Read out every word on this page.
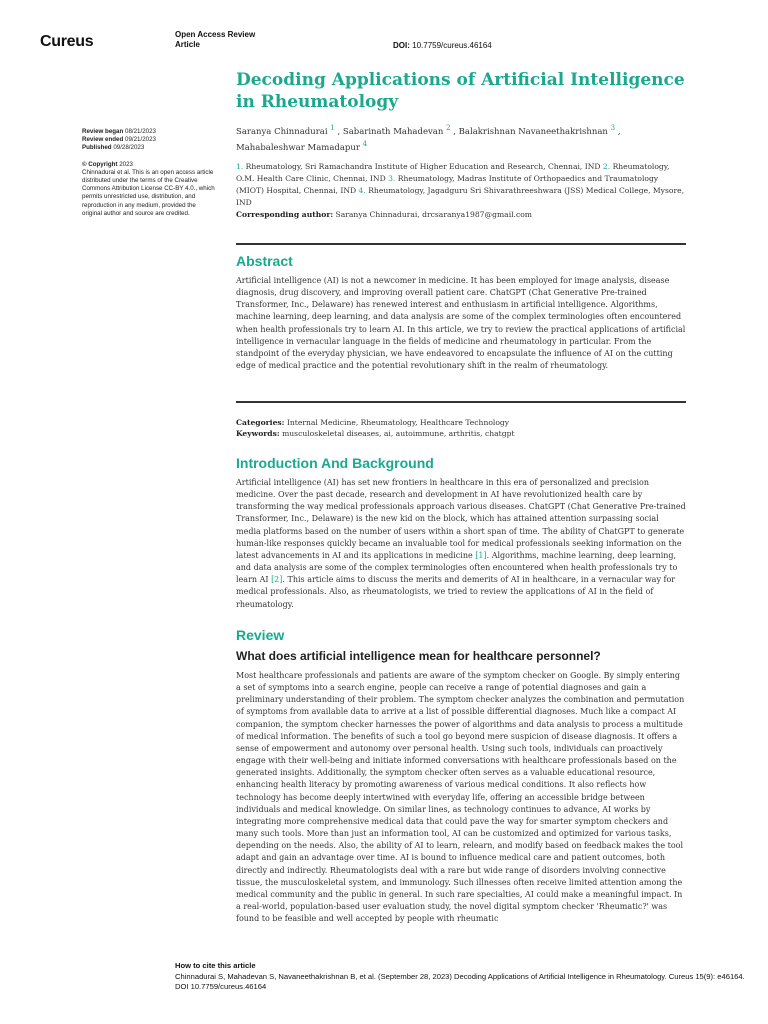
Cureus	Open Access Review
Article	DOI: 10.7759/cureus.46164
Decoding Applications of Artificial Intelligence in Rheumatology
Saranya Chinnadurai $^1$ , Sabarinath Mahadevan $^2$ , Balakrishnan Navaneethakrishnan $^3$ , Mahabaleshwar Mamadapur $^4$
1. Rheumatology, Sri Ramachandra Institute of Higher Education and Research, Chennai, IND 2. Rheumatology, O.M. Health Care Clinic, Chennai, IND 3. Rheumatology, Madras Institute of Orthopaedics and Traumatology (MIOT) Hospital, Chennai, IND 4. Rheumatology, Jagadguru Sri Shivarathreeshwara (JSS) Medical College, Mysore, IND
Corresponding author: Saranya Chinnadurai, drcsaranya1987@gmail.com
Review began 08/21/2023
Review ended 09/21/2023
Published 09/28/2023
© Copyright 2023
Chinnadurai et al. This is an open access article distributed under the terms of the Creative Commons Attribution License CC-BY 4.0., which permits unrestricted use, distribution, and reproduction in any medium, provided the original author and source are credited.
Abstract
Artificial intelligence (AI) is not a newcomer in medicine. It has been employed for image analysis, disease diagnosis, drug discovery, and improving overall patient care. ChatGPT (Chat Generative Pre-trained Transformer, Inc., Delaware) has renewed interest and enthusiasm in artificial intelligence. Algorithms, machine learning, deep learning, and data analysis are some of the complex terminologies often encountered when health professionals try to learn AI. In this article, we try to review the practical applications of artificial intelligence in vernacular language in the fields of medicine and rheumatology in particular. From the standpoint of the everyday physician, we have endeavored to encapsulate the influence of AI on the cutting edge of medical practice and the potential revolutionary shift in the realm of rheumatology.
Categories: Internal Medicine, Rheumatology, Healthcare Technology
Keywords: musculoskeletal diseases, ai, autoimmune, arthritis, chatgpt
Introduction And Background
Artificial intelligence (AI) has set new frontiers in healthcare in this era of personalized and precision medicine. Over the past decade, research and development in AI have revolutionized health care by transforming the way medical professionals approach various diseases. ChatGPT (Chat Generative Pre-trained Transformer, Inc., Delaware) is the new kid on the block, which has attained attention surpassing social media platforms based on the number of users within a short span of time. The ability of ChatGPT to generate human-like responses quickly became an invaluable tool for medical professionals seeking information on the latest advancements in AI and its applications in medicine [1]. Algorithms, machine learning, deep learning, and data analysis are some of the complex terminologies often encountered when health professionals try to learn AI [2]. This article aims to discuss the merits and demerits of AI in healthcare, in a vernacular way for medical professionals. Also, as rheumatologists, we tried to review the applications of AI in the field of rheumatology.
Review
What does artificial intelligence mean for healthcare personnel?
Most healthcare professionals and patients are aware of the symptom checker on Google. By simply entering a set of symptoms into a search engine, people can receive a range of potential diagnoses and gain a preliminary understanding of their problem. The symptom checker analyzes the combination and permutation of symptoms from available data to arrive at a list of possible differential diagnoses. Much like a compact AI companion, the symptom checker harnesses the power of algorithms and data analysis to process a multitude of medical information. The benefits of such a tool go beyond mere suspicion of disease diagnosis. It offers a sense of empowerment and autonomy over personal health. Using such tools, individuals can proactively engage with their well-being and initiate informed conversations with healthcare professionals based on the generated insights. Additionally, the symptom checker often serves as a valuable educational resource, enhancing health literacy by promoting awareness of various medical conditions. It also reflects how technology has become deeply intertwined with everyday life, offering an accessible bridge between individuals and medical knowledge. On similar lines, as technology continues to advance, AI works by integrating more comprehensive medical data that could pave the way for smarter symptom checkers and many such tools. More than just an information tool, AI can be customized and optimized for various tasks, depending on the needs. Also, the ability of AI to learn, relearn, and modify based on feedback makes the tool adapt and gain an advantage over time. AI is bound to influence medical care and patient outcomes, both directly and indirectly. Rheumatologists deal with a rare but wide range of disorders involving connective tissue, the musculoskeletal system, and immunology. Such illnesses often receive limited attention among the medical community and the public in general. In such rare specialties, AI could make a meaningful impact. In a real-world, population-based user evaluation study, the novel digital symptom checker 'Rheumatic?' was found to be feasible and well accepted by people with rheumatic
How to cite this article
Chinnadurai S, Mahadevan S, Navaneethakrishnan B, et al. (September 28, 2023) Decoding Applications of Artificial Intelligence in Rheumatology. Cureus 15(9): e46164. DOI 10.7759/cureus.46164
